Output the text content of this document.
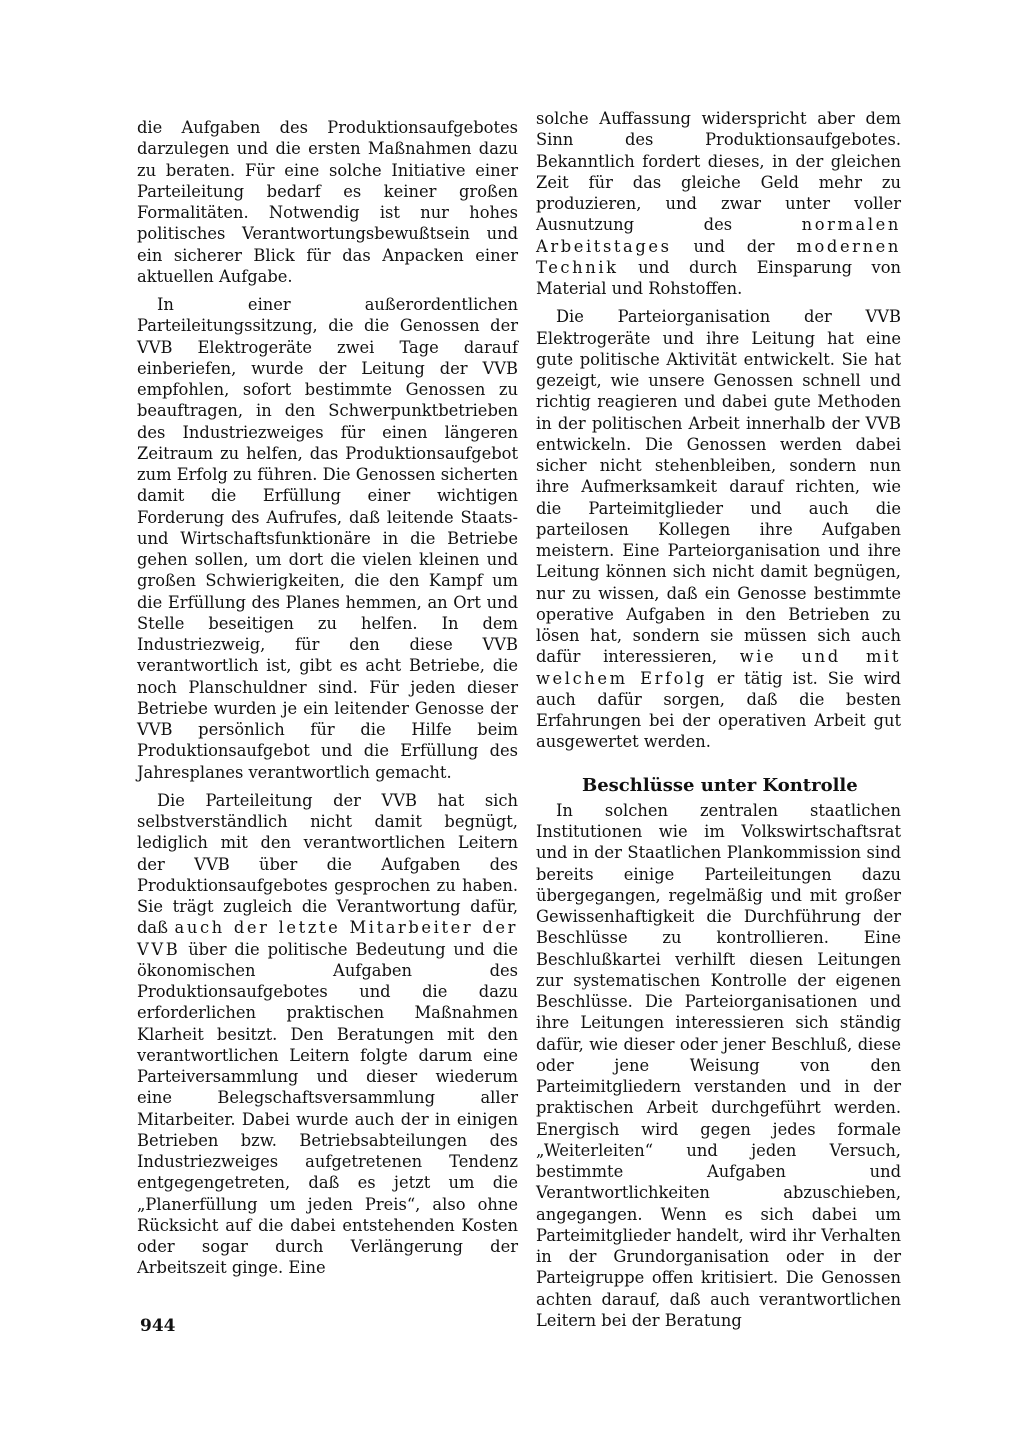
die Aufgaben des Produktionsaufgebotes darzulegen und die ersten Maßnahmen dazu zu beraten. Für eine solche Initiative einer Parteileitung bedarf es keiner großen Formalitäten. Notwendig ist nur hohes politisches Verantwortungsbewußtsein und ein sicherer Blick für das Anpacken einer aktuellen Aufgabe.

In einer außerordentlichen Parteileitungssitzung, die die Genossen der VVB Elektrogeräte zwei Tage darauf einberiefen, wurde der Leitung der VVB empfohlen, sofort bestimmte Genossen zu beauftragen, in den Schwerpunktbetrieben des Industriezweiges für einen längeren Zeitraum zu helfen, das Produktionsaufgebot zum Erfolg zu führen. Die Genossen sicherten damit die Erfüllung einer wichtigen Forderung des Aufrufes, daß leitende Staats- und Wirtschaftsfunktionäre in die Betriebe gehen sollen, um dort die vielen kleinen und großen Schwierigkeiten, die den Kampf um die Erfüllung des Planes hemmen, an Ort und Stelle beseitigen zu helfen. In dem Industriezweig, für den diese VVB verantwortlich ist, gibt es acht Betriebe, die noch Planschuldner sind. Für jeden dieser Betriebe wurden je ein leitender Genosse der VVB persönlich für die Hilfe beim Produktionsaufgebot und die Erfüllung des Jahresplanes verantwortlich gemacht.

Die Parteileitung der VVB hat sich selbstverständlich nicht damit begnügt, lediglich mit den verantwortlichen Leitern der VVB über die Aufgaben des Produktionsaufgebotes gesprochen zu haben. Sie trägt zugleich die Verantwortung dafür, daß auch der letzte Mitarbeiter der VVB über die politische Bedeutung und die ökonomischen Aufgaben des Produktionsaufgebotes und die dazu erforderlichen praktischen Maßnahmen Klarheit besitzt. Den Beratungen mit den verantwortlichen Leitern folgte darum eine Parteiversammlung und dieser wiederum eine Belegschaftsversammlung aller Mitarbeiter. Dabei wurde auch der in einigen Betrieben bzw. Betriebsabteilungen des Industriezweiges aufgetretenen Tendenz entgegengetreten, daß es jetzt um die „Planerfüllung um jeden Preis“, also ohne Rücksicht auf die dabei entstehenden Kosten oder sogar durch Verlängerung der Arbeitszeit ginge. Eine

solche Auffassung widerspricht aber dem Sinn des Produktionsaufgebotes. Bekanntlich fordert dieses, in der gleichen Zeit für das gleiche Geld mehr zu produzieren, und zwar unter voller Ausnutzung des	normalen Arbeitstages und der modernen Technik und durch Einsparung von Material und Rohstoffen.

Die Parteiorganisation der VVB Elektrogeräte und ihre Leitung hat eine gute politische Aktivität entwickelt. Sie hat gezeigt, wie unsere Genossen schnell und richtig reagieren und dabei gute Methoden in der politischen Arbeit innerhalb der VVB entwickeln. Die Genossen werden dabei sicher nicht stehenbleiben, sondern nun ihre Aufmerksamkeit darauf richten, wie die Parteimitglieder und auch die parteilosen Kollegen ihre Aufgaben meistern. Eine Parteiorganisation und ihre Leitung können sich nicht damit begnügen, nur zu wissen, daß ein Genosse bestimmte operative Aufgaben in den Betrieben zu lösen hat, sondern sie müssen sich auch dafür interessieren, wie und mit welchem Erfolg er tätig ist. Sie wird auch dafür sorgen, daß die besten Erfahrungen bei der operativen Arbeit gut ausgewertet werden.

Beschlüsse unter Kontrolle

In solchen zentralen staatlichen Institutionen wie im Volkswirtschaftsrat und in der Staatlichen Plankommission sind bereits einige Parteileitungen dazu übergegangen, regelmäßig und mit großer Gewissenhaftigkeit die Durchführung der Beschlüsse zu kontrollieren. Eine Beschlußkartei verhilft diesen Leitungen zur systematischen Kontrolle der eigenen Beschlüsse. Die Parteiorganisationen und ihre Leitungen interessieren sich ständig dafür, wie dieser oder jener Beschluß, diese oder jene Weisung von den Parteimitgliedern verstanden und in der praktischen Arbeit durchgeführt werden. Energisch wird gegen jedes formale „Weiterleiten“ und jeden Versuch, bestimmte Aufgaben und Verantwortlichkeiten abzuschieben, angegangen. Wenn es sich dabei um Parteimitglieder handelt, wird ihr Verhalten in der Grundorganisation oder in der Parteigruppe offen kritisiert. Die Genossen achten darauf, daß auch verantwortlichen Leitern bei der Beratung

944
